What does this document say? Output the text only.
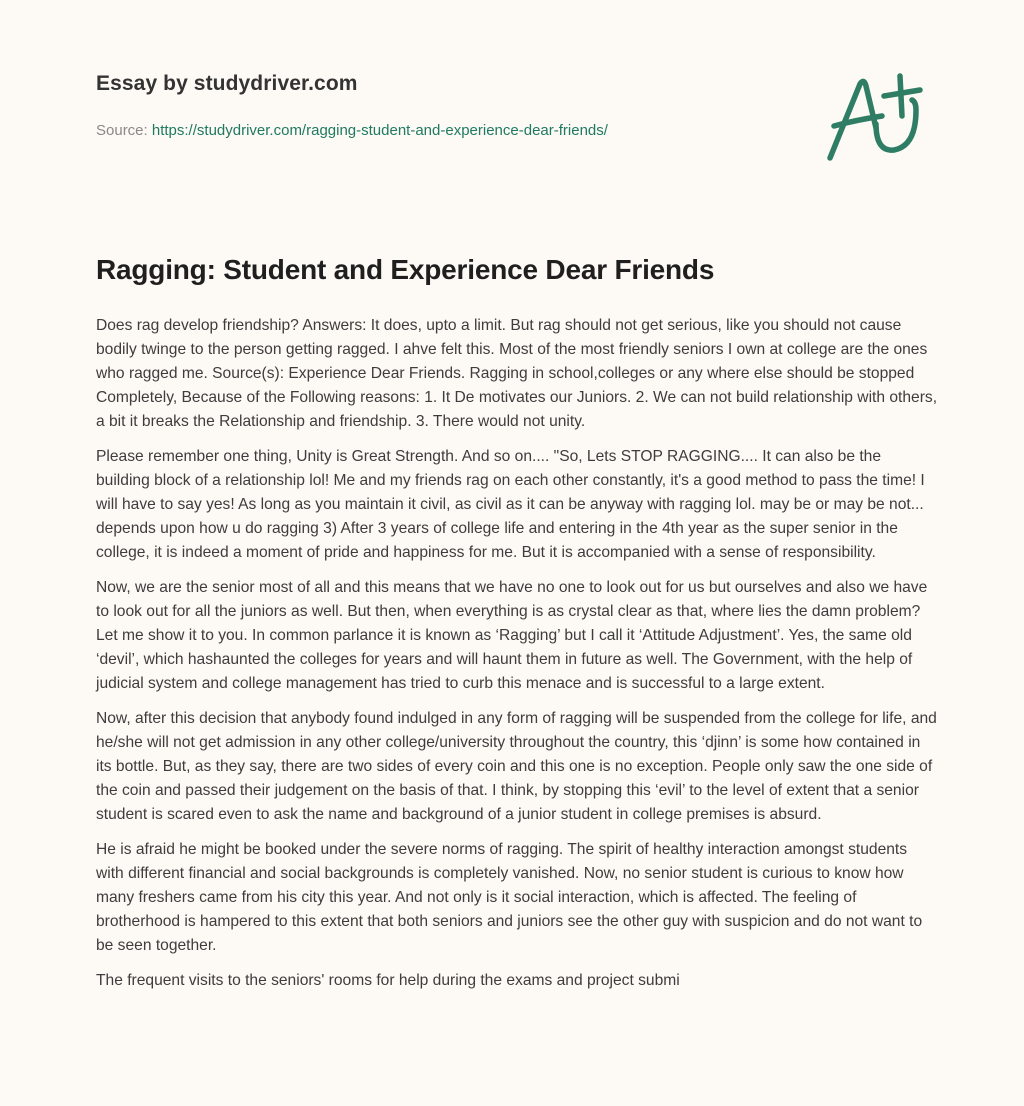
Essay by studydriver.com
Source: https://studydriver.com/ragging-student-and-experience-dear-friends/
Ragging: Student and Experience Dear Friends

Does rag develop friendship? Answers: It does, upto a limit. But rag should not get serious, like you should not cause bodily twinge to the person getting ragged. I ahve felt this. Most of the most friendly seniors I own at college are the ones who ragged me. Source(s): Experience Dear Friends. Ragging in school,colleges or any where else should be stopped Completely, Because of the Following reasons: 1. It De motivates our Juniors. 2. We can not build relationship with others, a bit it breaks the Relationship and friendship. 3. There would not unity.

Please remember one thing, Unity is Great Strength. And so on.... "So, Lets STOP RAGGING.... It can also be the building block of a relationship lol! Me and my friends rag on each other constantly, it's a good method to pass the time! I will have to say yes! As long as you maintain it civil, as civil as it can be anyway with ragging lol. may be or may be not... depends upon how u do ragging 3) After 3 years of college life and entering in the 4th year as the super senior in the college, it is indeed a moment of pride and happiness for me. But it is accompanied with a sense of responsibility.

Now, we are the senior most of all and this means that we have no one to look out for us but ourselves and also we have to look out for all the juniors as well. But then, when everything is as crystal clear as that, where lies the damn problem? Let me show it to you. In common parlance it is known as ‘Ragging’ but I call it ‘Attitude Adjustment’. Yes, the same old ‘devil’, which hashaunted the colleges for years and will haunt them in future as well. The Government, with the help of judicial system and college management has tried to curb this menace and is successful to a large extent.

Now, after this decision that anybody found indulged in any form of ragging will be suspended from the college for life, and he/she will not get admission in any other college/university throughout the country, this ‘djinn’ is some how contained in its bottle. But, as they say, there are two sides of every coin and this one is no exception. People only saw the one side of the coin and passed their judgement on the basis of that. I think, by stopping this ‘evil’ to the level of extent that a senior student is scared even to ask the name and background of a junior student in college premises is absurd.

He is afraid he might be booked under the severe norms of ragging. The spirit of healthy interaction amongst students with different financial and social backgrounds is completely vanished. Now, no senior student is curious to know how many freshers came from his city this year. And not only is it social interaction, which is affected. The feeling of brotherhood is hampered to this extent that both seniors and juniors see the other guy with suspicion and do not want to be seen together.

The frequent visits to the seniors' rooms for help during the exams and project submi
